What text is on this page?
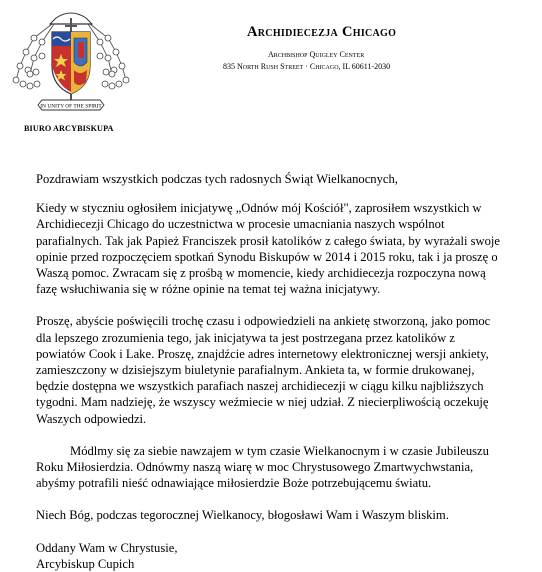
IN UNITY OF THE SPIRIT
BIURO ARCYBISKUPA
Archidiecezja Chicago
Archbishop Quigley Center
835 North Rush Street · Chicago, IL 60611-2030

Pozdrawiam wszystkich podczas tych radosnych Świąt Wielkanocnych,

Kiedy w styczniu ogłosiłem inicjatywę „Odnów mój Kościół", zaprosiłem wszystkich w Archidiecezji Chicago do uczestnictwa w procesie umacniania naszych wspólnot parafialnych. Tak jak Papież Franciszek prosił katolików z całego świata, by wyrażali swoje opinie przed rozpoczęciem spotkań Synodu Biskupów w 2014 i 2015 roku, tak i ja proszę o Waszą pomoc. Zwracam się z prośbą w momencie, kiedy archidiecezja rozpoczyna nową fazę wsłuchiwania się w różne opinie na temat tej ważna inicjatywy.

Proszę, abyście poświęcili trochę czasu i odpowiedzieli na ankietę stworzoną, jako pomoc dla lepszego zrozumienia tego, jak inicjatywa ta jest postrzegana przez katolików z powiatów Cook i Lake. Proszę, znajdźcie adres internetowy elektronicznej wersji ankiety, zamieszczony w dzisiejszym biuletynie parafialnym. Ankieta ta, w formie drukowanej, będzie dostępna we wszystkich parafiach naszej archidiecezji w ciągu kilku najbliższych tygodni. Mam nadzieję, że wszyscy weźmiecie w niej udział. Z niecierpliwością oczekuję Waszych odpowiedzi.

Módlmy się za siebie nawzajem w tym czasie Wielkanocnym i w czasie Jubileuszu Roku Miłosierdzia. Odnówmy naszą wiarę w moc Chrystusowego Zmartwychwstania, abyśmy potrafili nieść odnawiające miłosierdzie Boże potrzebującemu światu.

Niech Bóg, podczas tegorocznej Wielkanocy, błogosławi Wam i Waszym bliskim.

Oddany Wam w Chrystusie,

Arcybiskup Cupich
